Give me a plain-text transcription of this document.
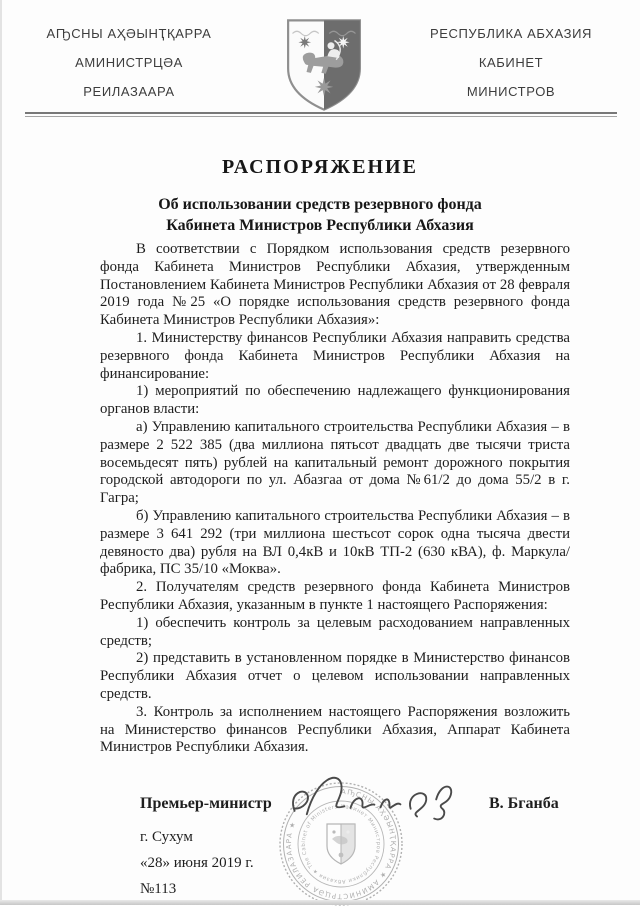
АҦСНЫ АҲӘЫНҬҚАРРА
АМИНИСТРЦӘА
РЕИЛАЗААРА
РЕСПУБЛИКА АБХАЗИЯ
КАБИНЕТ
МИНИСТРОВ
РАСПОРЯЖЕНИЕ
Об использовании средств резервного фонда
Кабинета Министров Республики Абхазия

В соответствии с Порядком использования средств резервного фонда Кабинета Министров Республики Абхазия, утвержденным Постановлением Кабинета Министров Республики Абхазия от 28 февраля 2019 года №25 «О порядке использования средств резервного фонда Кабинета Министров Республики Абхазия»:

1. Министерству финансов Республики Абхазия направить средства резервного фонда Кабинета Министров Республики Абхазия на финансирование:

1) мероприятий по обеспечению надлежащего функционирования органов власти:

а) Управлению капитального строительства Республики Абхазия – в размере 2 522 385 (два миллиона пятьсот двадцать две тысячи триста восемьдесят пять) рублей на капитальный ремонт дорожного покрытия городской автодороги по ул. Абазгаа от дома №61/2 до дома 55/2 в г. Гагра;

б) Управлению капитального строительства Республики Абхазия – в размере 3 641 292 (три миллиона шестьсот сорок одна тысяча двести девяносто два) рубля на ВЛ 0,4кВ и 10кВ ТП-2 (630 кВА), ф. Маркула/фабрика, ПС 35/10 «Моква».

2. Получателям средств резервного фонда Кабинета Министров Республики Абхазия, указанным в пункте 1 настоящего Распоряжения:

1) обеспечить контроль за целевым расходованием направленных средств;

2) представить в установленном порядке в Министерство финансов Республики Абхазия отчет о целевом использовании направленных средств.

3. Контроль за исполнением настоящего Распоряжения возложить на Министерство финансов Республики Абхазия, Аппарат Кабинета Министров Республики Абхазия.

Премьер-министр	В. Бганба
г. Сухум
«28» июня 2019 г.
№113
АҦСНЫ АҲӘЫНҬҚАРРА ★ АМИНИСТРЦӘА РЕИЛАЗААРА ★
Кабинет Министров Республики Абхазия ★ The Cabinet of Ministers
